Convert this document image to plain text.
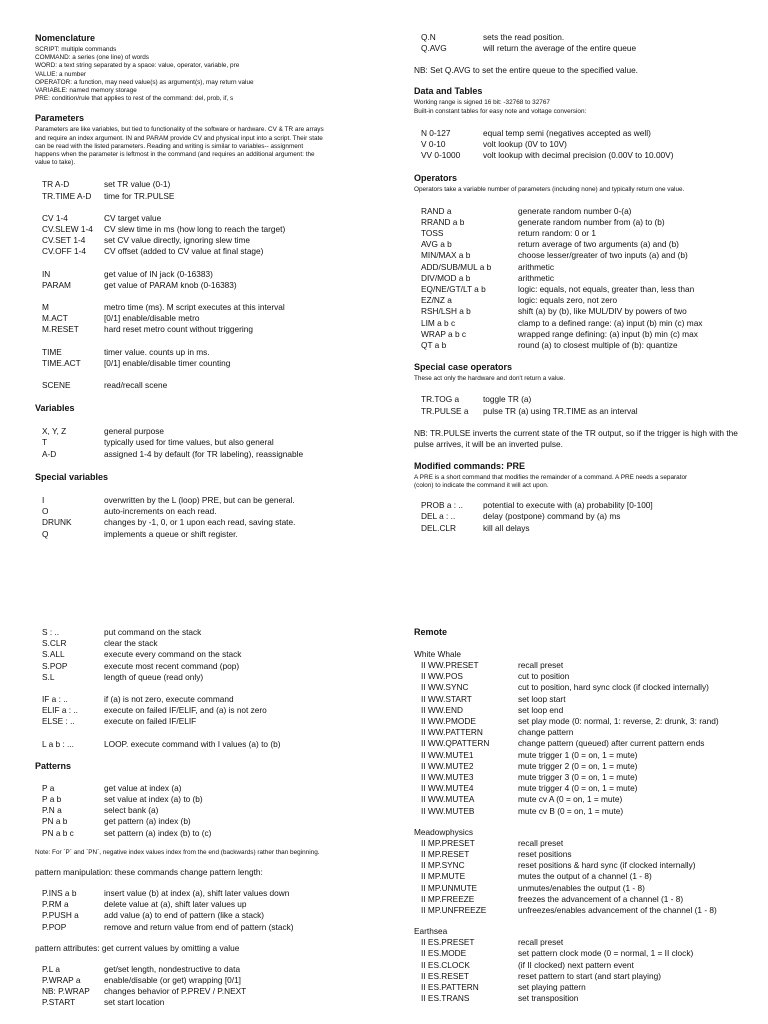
Nomenclature
SCRIPT: multiple commands
COMMAND: a series (one line) of words
WORD: a text string separated by a space: value, operator, variable, pre
VALUE: a number
OPERATOR: a function, may need value(s) as argument(s), may return value
VARIABLE: named memory storage
PRE: condition/rule that applies to rest of the command: del, prob, if, s
Parameters
Parameters are like variables, but tied to functionality of the software or hardware. CV & TR are arrays
and require an index argument. IN and PARAM provide CV and physical input into a script. Their state
can be read with the listed parameters. Reading and writing is similar to variables-- assignment
happens when the parameter is leftmost in the command (and requires an additional argument: the
value to take).
TR A-D	set TR value (0-1)
TR.TIME A-D	time for TR.PULSE
CV 1-4	CV target value
CV.SLEW 1-4	CV slew time in ms (how long to reach the target)
CV.SET 1-4	set CV value directly, ignoring slew time
CV.OFF 1-4	CV offset (added to CV value at final stage)
IN	get value of IN jack (0-16383)
PARAM	get value of PARAM knob (0-16383)
M	metro time (ms). M script executes at this interval
M.ACT	[0/1] enable/disable metro
M.RESET	hard reset metro count without triggering
TIME	timer value. counts up in ms.
TIME.ACT	[0/1] enable/disable timer counting
SCENE	read/recall scene
Variables
X, Y, Z	general purpose
T	typically used for time values, but also general
A-D	assigned 1-4 by default (for TR labeling), reassignable
Special variables
I	overwritten by the L (loop) PRE, but can be general.
O	auto-increments on each read.
DRUNK	changes by -1, 0, or 1 upon each read, saving state.
Q	implements a queue or shift register.
S : ..	put command on the stack
S.CLR	clear the stack
S.ALL	execute every command on the stack
S.POP	execute most recent command (pop)
S.L	length of queue (read only)
IF a : ..	if (a) is not zero, execute command
ELIF a : ..	execute on failed IF/ELIF, and (a) is not zero
ELSE : ..	execute on failed IF/ELIF
L a b : ...	LOOP. execute command with I values (a) to (b)
Patterns
P a	get value at index (a)
P a b	set value at index (a) to (b)
P.N a	select bank (a)
PN a b	get pattern (a) index (b)
PN a b c	set pattern (a) index (b) to (c)
Note: For `P` and `PN`, negative index values index from the end (backwards) rather than beginning.
pattern manipulation: these commands change pattern length:
P.INS a b	insert value (b) at index (a), shift later values down
P.RM a	delete value at (a), shift later values up
P.PUSH a	add value (a) to end of pattern (like a stack)
P.POP	remove and return value from end of pattern (stack)
pattern attributes: get current values by omitting a value
P.L a	get/set length, nondestructive to data
P.WRAP a	enable/disable (or get) wrapping [0/1]
NB: P.WRAP	changes behavior of P.PREV / P.NEXT
P.START	set start location
Q.N	sets the read position.
Q.AVG	will return the average of the entire queue
NB: Set Q.AVG to set the entire queue to the specified value.
Data and Tables
Working range is signed 16 bit: -32768 to 32767
Built-in constant tables for easy note and voltage conversion:
N 0-127	equal temp semi (negatives accepted as well)
V 0-10	volt lookup (0V to 10V)
VV 0-1000	volt lookup with decimal precision (0.00V to 10.00V)
Operators
Operators take a variable number of parameters (including none) and typically return one value.
RAND a	generate random number 0-(a)
RRAND a b	generate random number from (a) to (b)
TOSS	return random: 0 or 1
AVG a b	return average of two arguments (a) and (b)
MIN/MAX a b	choose lesser/greater of two inputs (a) and (b)
ADD/SUB/MUL a b	arithmetic
DIV/MOD a b	arithmetic
EQ/NE/GT/LT a b	logic: equals, not equals, greater than, less than
EZ/NZ a	logic: equals zero, not zero
RSH/LSH a b	shift (a) by (b), like MUL/DIV by powers of two
LIM a b c	clamp to a defined range: (a) input (b) min (c) max
WRAP a b c	wrapped range defining: (a) input (b) min (c) max
QT a b	round (a) to closest multiple of (b): quantize
Special case operators
These act only the hardware and don't return a value.
TR.TOG a	toggle TR (a)
TR.PULSE a	pulse TR (a) using TR.TIME as an interval
NB: TR.PULSE inverts the current state of the TR output, so if the trigger is high with the pulse arrives, it will be an inverted pulse.
Modified commands: PRE
A PRE is a short command that modifies the remainder of a command. A PRE needs a separator
(colon) to indicate the command it will act upon.
PROB a : ..	potential to execute with (a) probability [0-100]
DEL a : ..	delay (postpone) command by (a) ms
DEL.CLR	kill all delays
Remote
White Whale
II WW.PRESET	recall preset
II WW.POS	cut to position
II WW.SYNC	cut to position, hard sync clock (if clocked internally)
II WW.START	set loop start
II WW.END	set loop end
II WW.PMODE	set play mode (0: normal, 1: reverse, 2: drunk, 3: rand)
II WW.PATTERN	change pattern
II WW.QPATTERN	change pattern (queued) after current pattern ends
II WW.MUTE1	mute trigger 1 (0 = on, 1 = mute)
II WW.MUTE2	mute trigger 2 (0 = on, 1 = mute)
II WW.MUTE3	mute trigger 3 (0 = on, 1 = mute)
II WW.MUTE4	mute trigger 4 (0 = on, 1 = mute)
II WW.MUTEA	mute cv A (0 = on, 1 = mute)
II WW.MUTEB	mute cv B (0 = on, 1 = mute)
Meadowphysics
II MP.PRESET	recall preset
II MP.RESET	reset positions
II MP.SYNC	reset positions & hard sync (if clocked internally)
II MP.MUTE	mutes the output of a channel (1 - 8)
II MP.UNMUTE	unmutes/enables the output (1 - 8)
II MP.FREEZE	freezes the advancement of a channel (1 - 8)
II MP.UNFREEZE	unfreezes/enables advancement of the channel (1 - 8)
Earthsea
II ES.PRESET	recall preset
II ES.MODE	set pattern clock mode (0 = normal, 1 = II clock)
II ES.CLOCK	(if II clocked) next pattern event
II ES.RESET	reset pattern to start (and start playing)
II ES.PATTERN	set playing pattern
II ES.TRANS	set transposition
